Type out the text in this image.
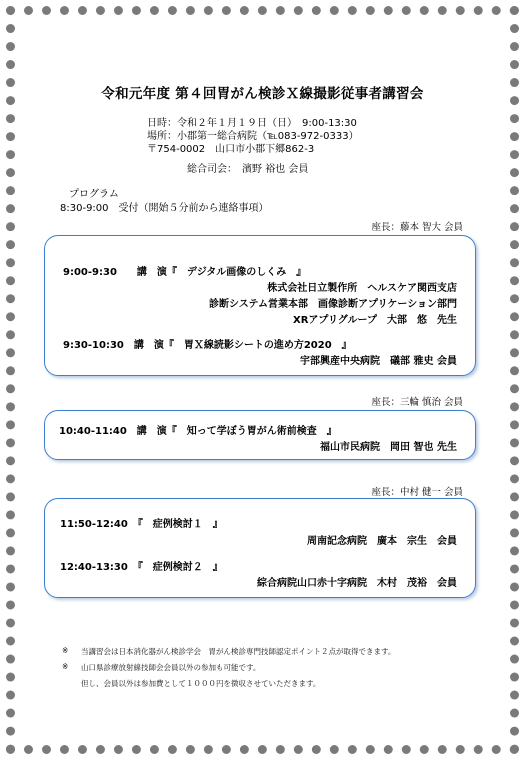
令和元年度 第４回胃がん検診Ｘ線撮影従事者講習会
日時：令和２年１月１９日（日）　9:00-13:30
場所：小郡第一総合病院（℡083-972-0333）
〒754-0002　山口市小郡下郷862-3
総合司会：　濱野 裕也 会員
プログラム
8:30-9:00　受付（開始５分前から連絡事項）
座長：藤本 智大 会員
9:00-9:30　　講　演『　デジタル画像のしくみ　』
株式会社日立製作所　ヘルスケア関西支店
診断システム営業本部　画像診断アプリケーション部門
XRアプリグループ　大部　悠　先生
9:30-10:30　講　演『　胃Ｘ線読影シートの進め方2020　』
宇部興産中央病院　礒部 雅史 会員
座長：三輪 慎治 会員
10:40-11:40　講　演『　知って学ぼう胃がん術前検査　』
福山市民病院　岡田 智也 先生
座長：中村 健一 会員
11:50-12:40　『　症例検討１　』
周南記念病院　廣本　宗生　会員
12:40-13:30　『　症例検討２　』
綜合病院山口赤十字病院　木村　茂裕　会員
※ 当講習会は日本消化器がん検診学会　胃がん検診専門技師認定ポイント２点が取得できます。
※ 山口県診療放射線技師会会員以外の参加も可能です。
但し、会員以外は参加費として１０００円を徴収させていただきます。
